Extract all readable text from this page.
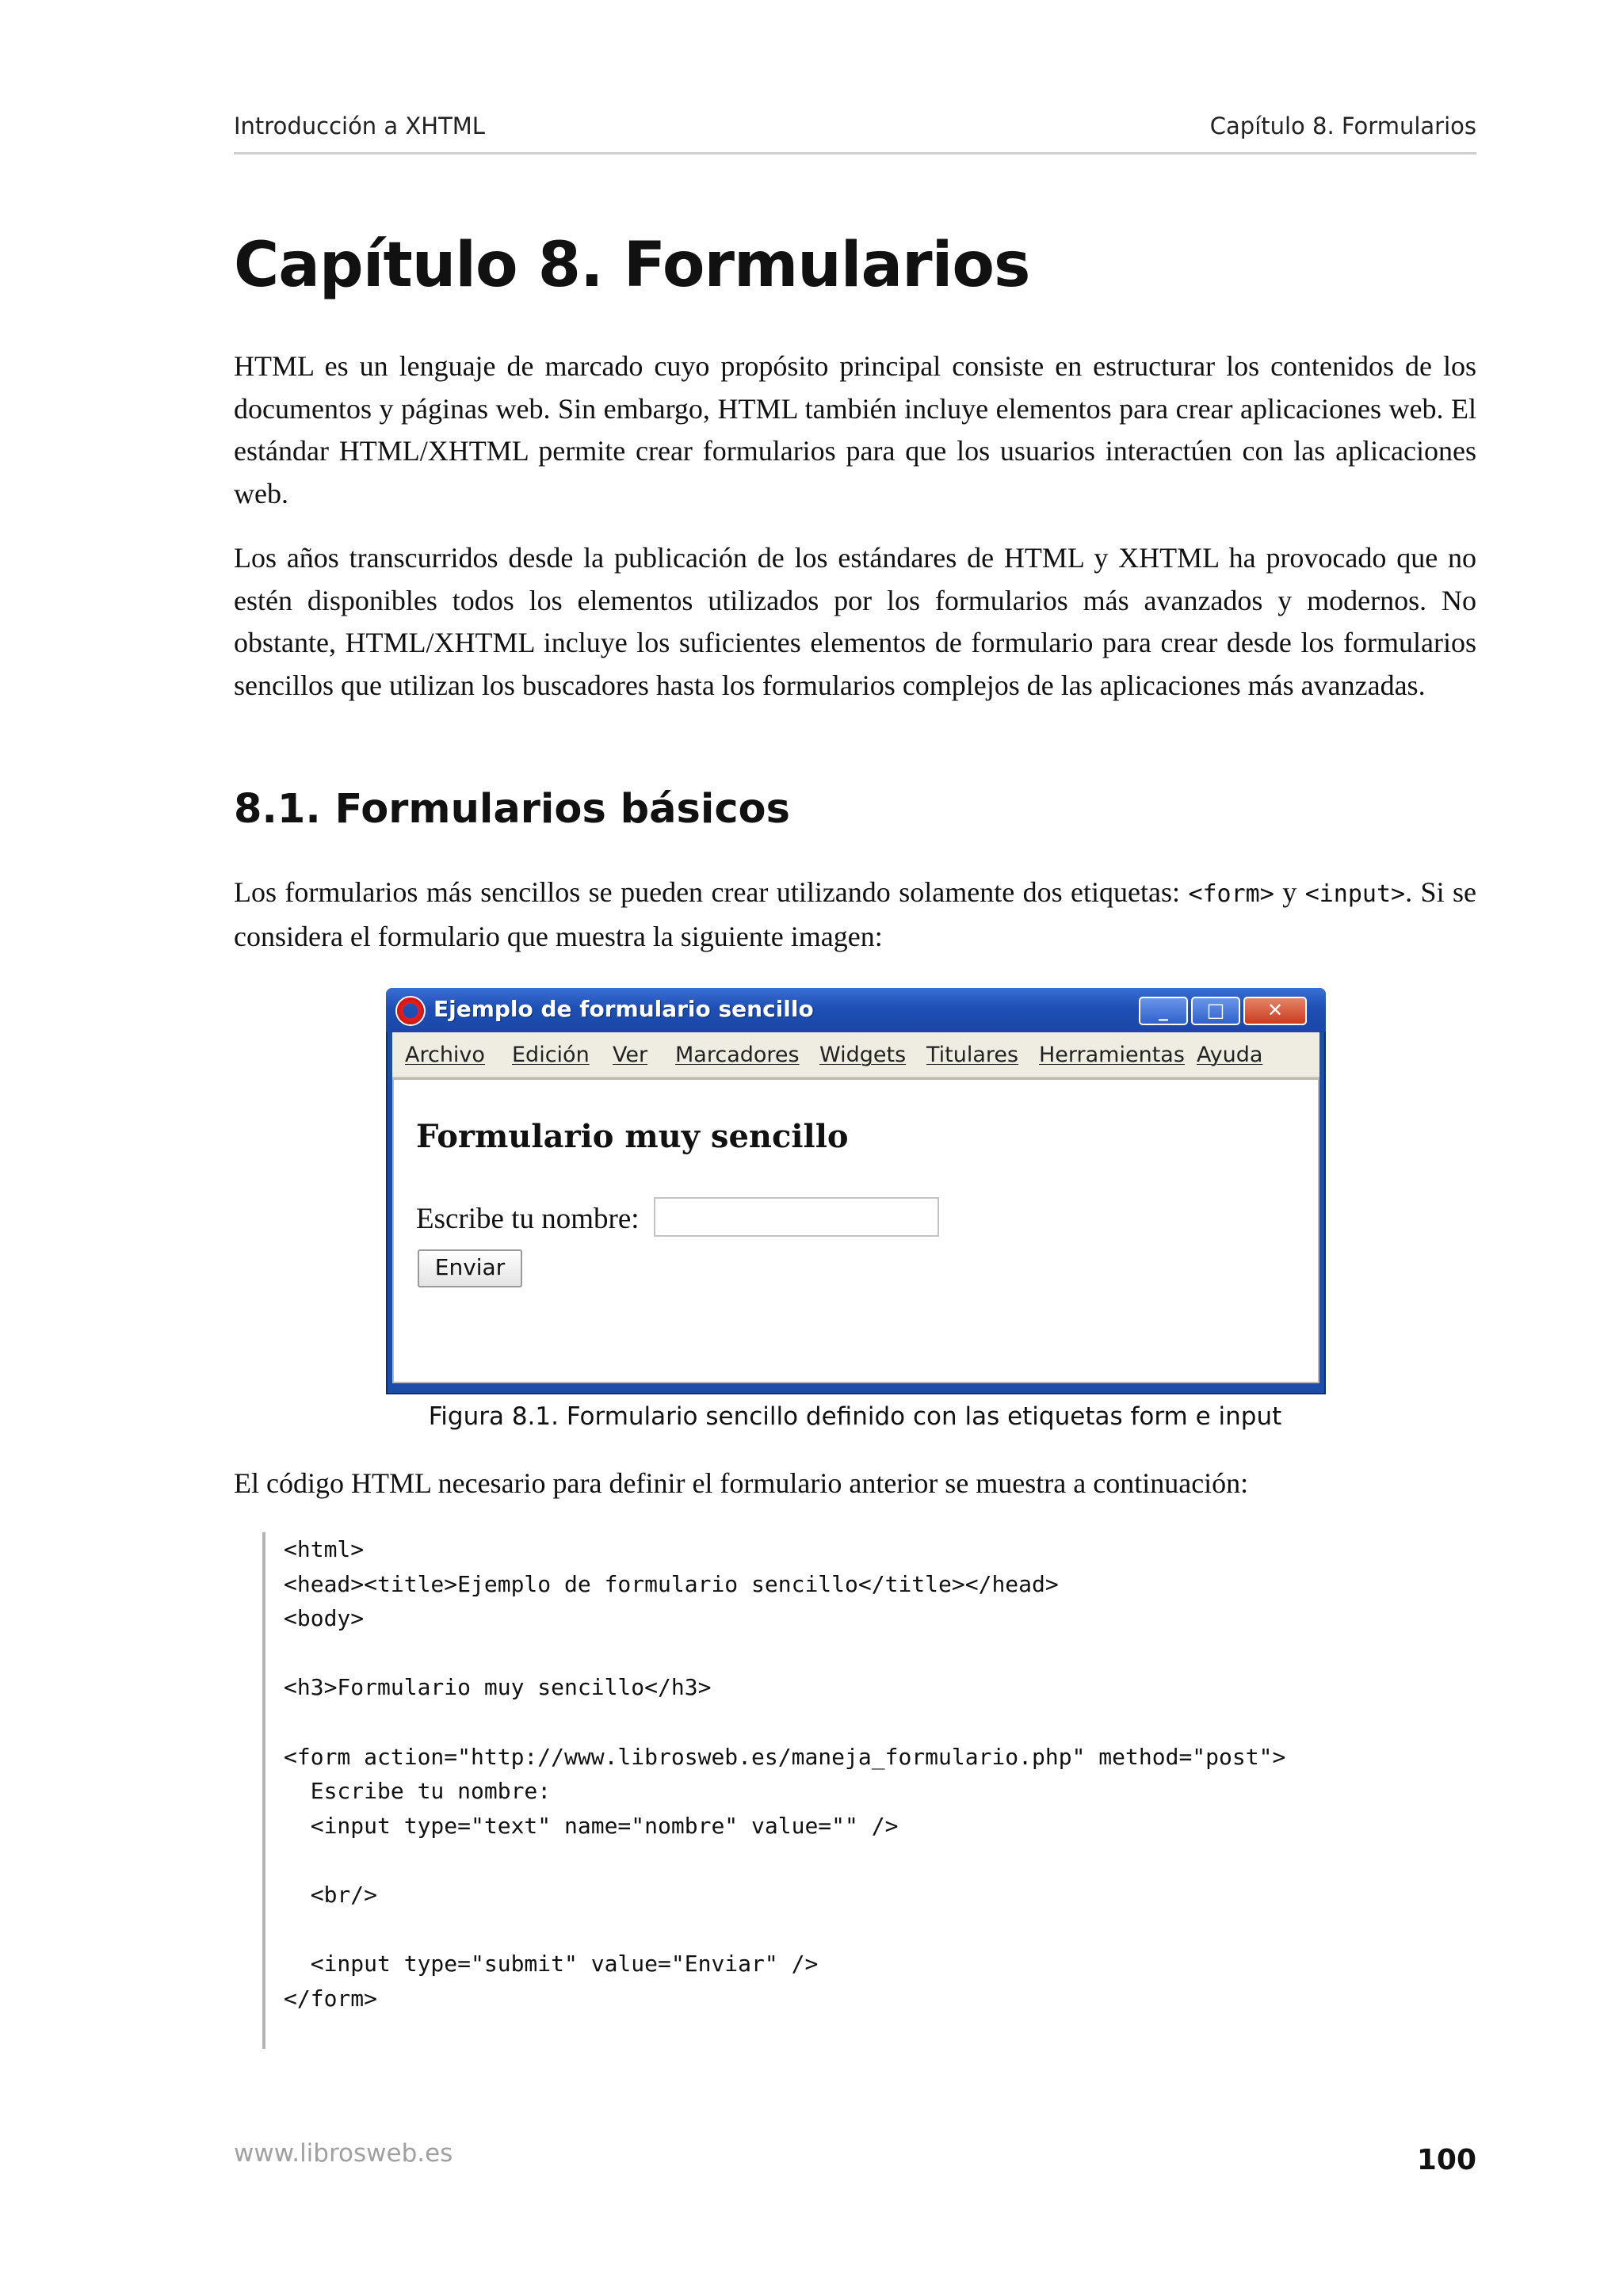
Introducción a XHTML	Capítulo 8. Formularios
Capítulo 8. Formularios

HTML es un lenguaje de marcado cuyo propósito principal consiste en estructurar los contenidos de los documentos y páginas web. Sin embargo, HTML también incluye elementos para crear aplicaciones web. El estándar HTML/XHTML permite crear formularios para que los usuarios interactúen con las aplicaciones web.

Los años transcurridos desde la publicación de los estándares de HTML y XHTML ha provocado que no estén disponibles todos los elementos utilizados por los formularios más avanzados y modernos. No obstante, HTML/XHTML incluye los suficientes elementos de formulario para crear desde los formularios sencillos que utilizan los buscadores hasta los formularios complejos de las aplicaciones más avanzadas.

8.1. Formularios básicos

Los formularios más sencillos se pueden crear utilizando solamente dos etiquetas: <form> y <input>. Si se considera el formulario que muestra la siguiente imagen:

Ejemplo de formulario sencillo	_	□	✕
Archivo Edición Ver Marcadores Widgets Titulares Herramientas Ayuda
Formulario muy sencillo
Escribe tu nombre:
Enviar
Figura 8.1. Formulario sencillo definido con las etiquetas form e input

El código HTML necesario para definir el formulario anterior se muestra a continuación:

<html>
<head><title>Ejemplo de formulario sencillo</title></head>
<body>
<h3>Formulario muy sencillo</h3>
<form action="http://www.librosweb.es/maneja_formulario.php" method="post">
Escribe tu nombre:
<input type="text" name="nombre" value="" />
<br/>
<input type="submit" value="Enviar" />
</form>
www.librosweb.es	100
